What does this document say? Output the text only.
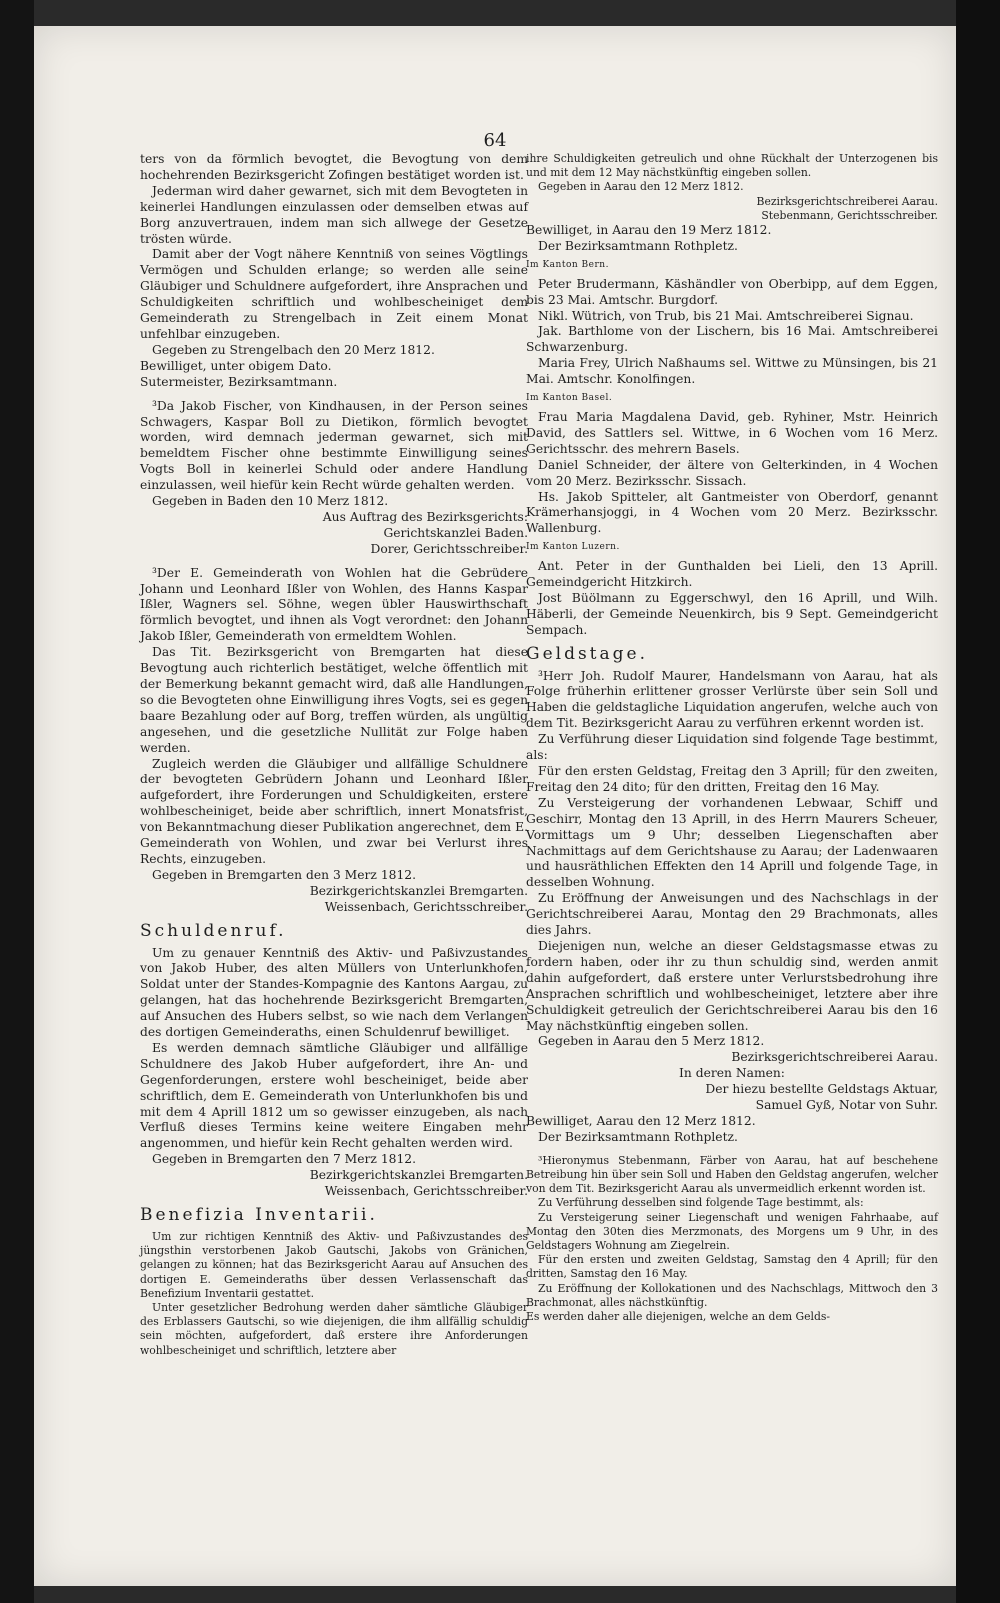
64

ters von da förmlich bevogtet, die Bevogtung von dem hochehrenden Bezirksgericht Zofingen bestätiget worden ist.

Jederman wird daher gewarnet, sich mit dem Bevogteten in keinerlei Handlungen einzulassen oder demselben etwas auf Borg anzuvertrauen, indem man sich allwege der Gesetze trösten würde.

Damit aber der Vogt nähere Kenntniß von seines Vögtlings Vermögen und Schulden erlange; so werden alle seine Gläubiger und Schuldnere aufgefordert, ihre Ansprachen und Schuldigkeiten schriftlich und wohlbescheiniget dem Gemeinderath zu Strengelbach in Zeit einem Monat unfehlbar einzugeben.

Gegeben zu Strengelbach den 20 Merz 1812.

Bewilliget, unter obigem Dato.

Sutermeister, Bezirksamtmann.

³Da Jakob Fischer, von Kindhausen, in der Person seines Schwagers, Kaspar Boll zu Dietikon, förmlich bevogtet worden, wird demnach jederman gewarnet, sich mit bemeldtem Fischer ohne bestimmte Einwilligung seines Vogts Boll in keinerlei Schuld oder andere Handlung einzulassen, weil hiefür kein Recht würde gehalten werden.

Gegeben in Baden den 10 Merz 1812.

Aus Auftrag des Bezirksgerichts:

Gerichtskanzlei Baden.

Dorer, Gerichtsschreiber.

³Der E. Gemeinderath von Wohlen hat die Gebrüdere Johann und Leonhard Ißler von Wohlen, des Hanns Kaspar Ißler, Wagners sel. Söhne, wegen übler Hauswirthschaft förmlich bevogtet, und ihnen als Vogt verordnet: den Johann Jakob Ißler, Gemeinderath von ermeldtem Wohlen.

Das Tit. Bezirksgericht von Bremgarten hat diese Bevogtung auch richterlich bestätiget, welche öffentlich mit der Bemerkung bekannt gemacht wird, daß alle Handlungen, so die Bevogteten ohne Einwilligung ihres Vogts, sei es gegen baare Bezahlung oder auf Borg, treffen würden, als ungültig angesehen, und die gesetzliche Nullität zur Folge haben werden.

Zugleich werden die Gläubiger und allfällige Schuldnere der bevogteten Gebrüdern Johann und Leonhard Ißler aufgefordert, ihre Forderungen und Schuldigkeiten, erstere wohlbescheiniget, beide aber schriftlich, innert Monatsfrist, von Bekanntmachung dieser Publikation angerechnet, dem E. Gemeinderath von Wohlen, und zwar bei Verlurst ihres Rechts, einzugeben.

Gegeben in Bremgarten den 3 Merz 1812.

Bezirkgerichtskanzlei Bremgarten.

Weissenbach, Gerichtsschreiber.

Schuldenruf.

Um zu genauer Kenntniß des Aktiv- und Paßivzustandes von Jakob Huber, des alten Müllers von Unterlunkhofen, Soldat unter der Standes-Kompagnie des Kantons Aargau, zu gelangen, hat das hochehrende Bezirksgericht Bremgarten, auf Ansuchen des Hubers selbst, so wie nach dem Verlangen des dortigen Gemeinderaths, einen Schuldenruf bewilliget.

Es werden demnach sämtliche Gläubiger und allfällige Schuldnere des Jakob Huber aufgefordert, ihre An- und Gegenforderungen, erstere wohl bescheiniget, beide aber schriftlich, dem E. Gemeinderath von Unterlunkhofen bis und mit dem 4 Aprill 1812 um so gewisser einzugeben, als nach Verfluß dieses Termins keine weitere Eingaben mehr angenommen, und hiefür kein Recht gehalten werden wird.

Gegeben in Bremgarten den 7 Merz 1812.

Bezirkgerichtskanzlei Bremgarten.

Weissenbach, Gerichtsschreiber.

Benefizia Inventarii.

Um zur richtigen Kenntniß des Aktiv- und Paßivzustandes des jüngsthin verstorbenen Jakob Gautschi, Jakobs von Gränichen, gelangen zu können; hat das Bezirksgericht Aarau auf Ansuchen des dortigen E. Gemeinderaths über dessen Verlassenschaft das Benefizium Inventarii gestattet.

Unter gesetzlicher Bedrohung werden daher sämtliche Gläubiger des Erblassers Gautschi, so wie diejenigen, die ihm allfällig schuldig sein möchten, aufgefordert, daß erstere ihre Anforderungen wohlbescheiniget und schriftlich, letztere aber

ihre Schuldigkeiten getreulich und ohne Rückhalt der Unterzogenen bis und mit dem 12 May nächstkünftig eingeben sollen.

Gegeben in Aarau den 12 Merz 1812.

Bezirksgerichtschreiberei Aarau.

Stebenmann, Gerichtsschreiber.

Bewilliget, in Aarau den 19 Merz 1812.

Der Bezirksamtmann Rothpletz.

Im Kanton Bern.

Peter Brudermann, Käshändler von Oberbipp, auf dem Eggen, bis 23 Mai. Amtschr. Burgdorf.

Nikl. Wütrich, von Trub, bis 21 Mai. Amtschreiberei Signau.

Jak. Barthlome von der Lischern, bis 16 Mai. Amtschreiberei Schwarzenburg.

Maria Frey, Ulrich Naßhaums sel. Wittwe zu Münsingen, bis 21 Mai. Amtschr. Konolfingen.

Im Kanton Basel.

Frau Maria Magdalena David, geb. Ryhiner, Mstr. Heinrich David, des Sattlers sel. Wittwe, in 6 Wochen vom 16 Merz. Gerichtsschr. des mehrern Basels.

Daniel Schneider, der ältere von Gelterkinden, in 4 Wochen vom 20 Merz. Bezirksschr. Sissach.

Hs. Jakob Spitteler, alt Gantmeister von Oberdorf, genannt Krämerhansjoggi, in 4 Wochen vom 20 Merz. Bezirksschr. Wallenburg.

Im Kanton Luzern.

Ant. Peter in der Gunthalden bei Lieli, den 13 Aprill. Gemeindgericht Hitzkirch.

Jost Büölmann zu Eggerschwyl, den 16 Aprill, und Wilh. Häberli, der Gemeinde Neuenkirch, bis 9 Sept. Gemeindgericht Sempach.

Geldstage.

³Herr Joh. Rudolf Maurer, Handelsmann von Aarau, hat als Folge früherhin erlittener grosser Verlürste über sein Soll und Haben die geldstagliche Liquidation angerufen, welche auch von dem Tit. Bezirksgericht Aarau zu verführen erkennt worden ist.

Zu Verführung dieser Liquidation sind folgende Tage bestimmt, als:

Für den ersten Geldstag, Freitag den 3 Aprill; für den zweiten, Freitag den 24 dito; für den dritten, Freitag den 16 May.

Zu Versteigerung der vorhandenen Lebwaar, Schiff und Geschirr, Montag den 13 Aprill, in des Herrn Maurers Scheuer, Vormittags um 9 Uhr; desselben Liegenschaften aber Nachmittags auf dem Gerichtshause zu Aarau; der Ladenwaaren und hausräthlichen Effekten den 14 Aprill und folgende Tage, in desselben Wohnung.

Zu Eröffnung der Anweisungen und des Nachschlags in der Gerichtschreiberei Aarau, Montag den 29 Brachmonats, alles dies Jahrs.

Diejenigen nun, welche an dieser Geldstagsmasse etwas zu fordern haben, oder ihr zu thun schuldig sind, werden anmit dahin aufgefordert, daß erstere unter Verlurstsbedrohung ihre Ansprachen schriftlich und wohlbescheiniget, letztere aber ihre Schuldigkeit getreulich der Gerichtschreiberei Aarau bis den 16 May nächstkünftig eingeben sollen.

Gegeben in Aarau den 5 Merz 1812.

Bezirksgerichtschreiberei Aarau.

In deren Namen:

Der hiezu bestellte Geldstags Aktuar,

Samuel Gyß, Notar von Suhr.

Bewilliget, Aarau den 12 Merz 1812.

Der Bezirksamtmann Rothpletz.

³Hieronymus Stebenmann, Färber von Aarau, hat auf beschehene Betreibung hin über sein Soll und Haben den Geldstag angerufen, welcher von dem Tit. Bezirksgericht Aarau als unvermeidlich erkennt worden ist.

Zu Verführung desselben sind folgende Tage bestimmt, als:

Zu Versteigerung seiner Liegenschaft und wenigen Fahrhaabe, auf Montag den 30ten dies Merzmonats, des Morgens um 9 Uhr, in des Geldstagers Wohnung am Ziegelrein.

Für den ersten und zweiten Geldstag, Samstag den 4 Aprill; für den dritten, Samstag den 16 May.

Zu Eröffnung der Kollokationen und des Nachschlags, Mittwoch den 3 Brachmonat, alles nächstkünftig.

Es werden daher alle diejenigen, welche an dem Gelds-
